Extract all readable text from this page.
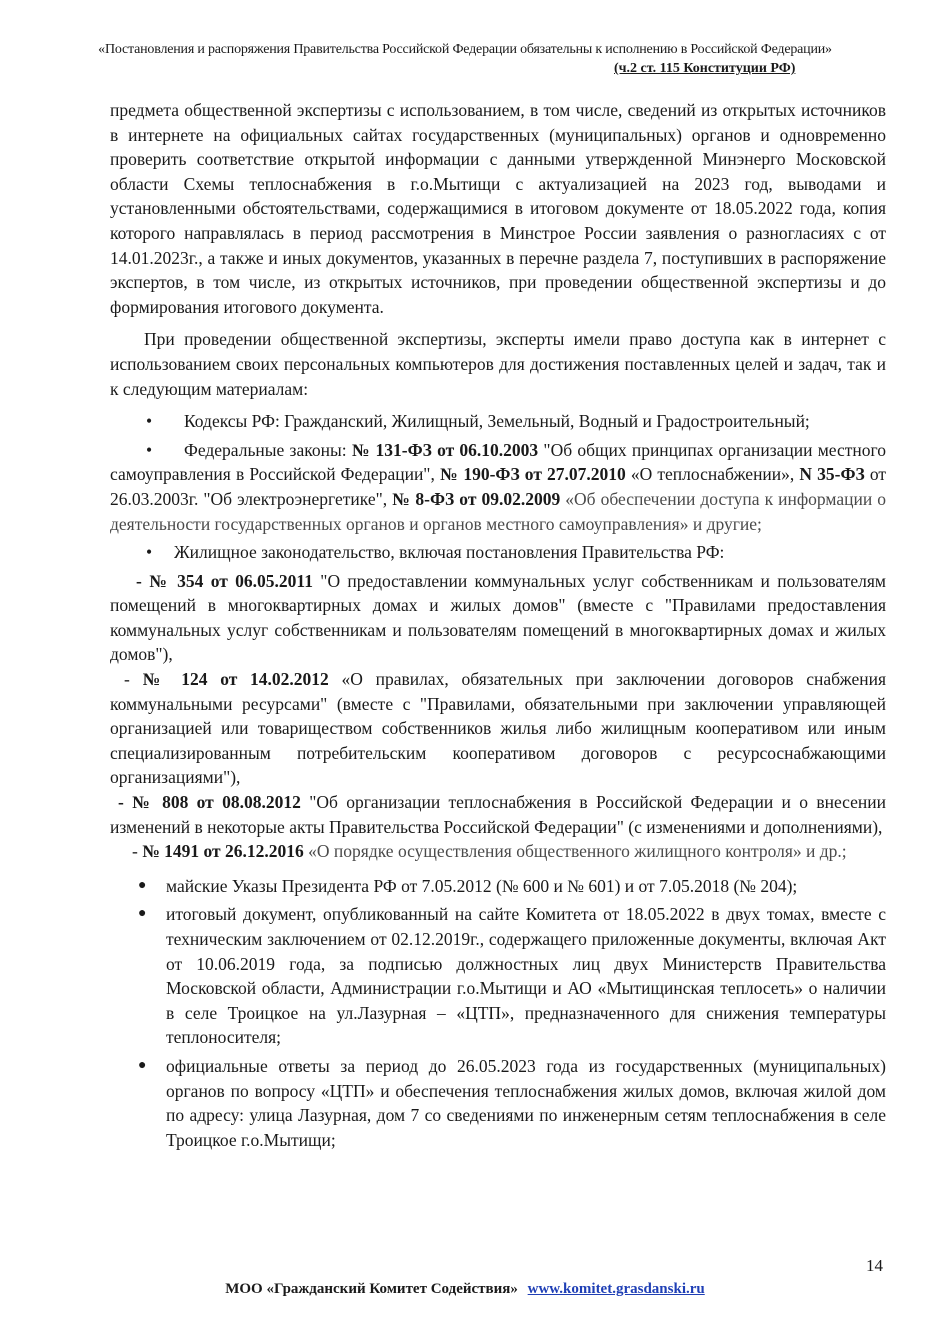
«Постановления и распоряжения Правительства Российской Федерации обязательны к исполнению в Российской Федерации»
(ч.2 ст. 115 Конституции РФ)

предмета общественной экспертизы с использованием, в том числе, сведений из открытых источников в интернете на официальных сайтах государственных (муниципальных) органов и одновременно проверить соответствие открытой информации с данными утвержденной Минэнерго Московской области Схемы теплоснабжения в г.о.Мытищи с актуализацией на 2023 год, выводами и установленными обстоятельствами, содержащимися в итоговом документе от 18.05.2022 года, копия которого направлялась в период рассмотрения в Минстрое России заявления о разногласиях с от 14.01.2023г., а также и иных документов, указанных в перечне раздела 7, поступивших в распоряжение экспертов, в том числе, из открытых источников, при проведении общественной экспертизы и до формирования итогового документа.

При проведении общественной экспертизы, эксперты имели право доступа как в интернет с использованием своих персональных компьютеров для достижения поставленных целей и задач, так и к следующим материалам:

•	Кодексы РФ: Гражданский, Жилищный, Земельный, Водный и Градостроительный;
•	Федеральные законы: № 131-ФЗ от 06.10.2003 "Об общих принципах организации местного самоуправления в Российской Федерации", № 190-ФЗ от 27.07.2010 «О теплоснабжении», N 35-ФЗ от 26.03.2003г. "Об электроэнергетике", № 8-ФЗ от 09.02.2009 «Об обеспечении доступа к информации о деятельности государственных органов и органов местного самоуправления» и другие;
•	Жилищное законодательство, включая постановления Правительства РФ:

- № 354 от 06.05.2011 "О предоставлении коммунальных услуг собственникам и пользователям помещений в многоквартирных домах и жилых домов" (вместе с "Правилами предоставления коммунальных услуг собственникам и пользователям помещений в многоквартирных домах и жилых домов"),

- № 124 от 14.02.2012 «О правилах, обязательных при заключении договоров снабжения коммунальными ресурсами" (вместе с "Правилами, обязательными при заключении управляющей организацией или товариществом собственников жилья либо жилищным кооперативом или иным специализированным потребительским кооперативом договоров с ресурсоснабжающими организациями"),

- № 808 от 08.08.2012 "Об организации теплоснабжения в Российской Федерации и о внесении изменений в некоторые акты Правительства Российской Федерации" (с изменениями и дополнениями),

- № 1491 от 26.12.2016 «О порядке осуществления общественного жилищного контроля» и др.;

● майские Указы Президента РФ от 7.05.2012 (№ 600 и № 601) и от 7.05.2018 (№ 204);
● итоговый документ, опубликованный на сайте Комитета от 18.05.2022 в двух томах, вместе с техническим заключением от 02.12.2019г., содержащего приложенные документы, включая Акт от 10.06.2019 года, за подписью должностных лиц двух Министерств Правительства Московской области, Администрации г.о.Мытищи и АО «Мытищинская теплосеть» о наличии в селе Троицкое на ул.Лазурная – «ЦТП», предназначенного для снижения температуры теплоносителя;
● официальные ответы за период до 26.05.2023 года из государственных (муниципальных) органов по вопросу «ЦТП» и обеспечения теплоснабжения жилых домов, включая жилой дом по адресу: улица Лазурная, дом 7 со сведениями по инженерным сетям теплоснабжения в селе Троицкое г.о.Мытищи;
14
МОО «Гражданский Комитет Содействия» www.komitet.grasdanski.ru
